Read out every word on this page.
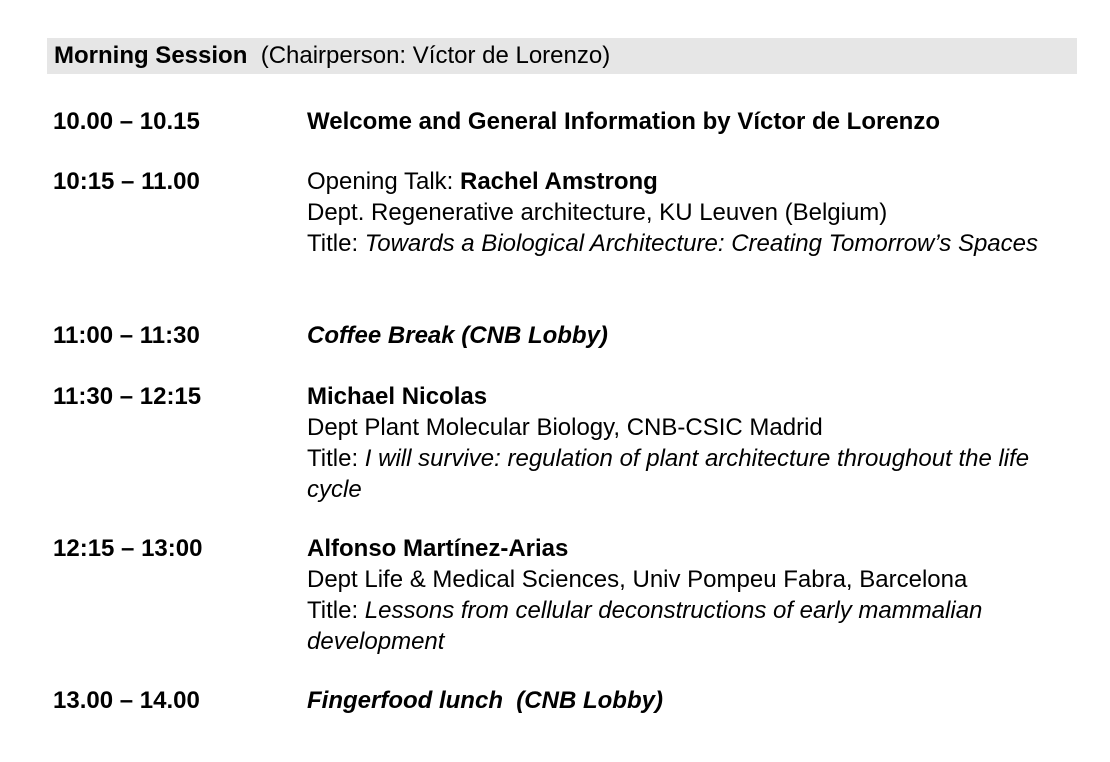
Morning Session (Chairperson: Víctor de Lorenzo)
10.00 – 10.15	Welcome and General Information by Víctor de Lorenzo
10:15 – 11.00	Opening Talk: Rachel Amstrong
Dept. Regenerative architecture, KU Leuven (Belgium)
Title: Towards a Biological Architecture: Creating Tomorrow’s Spaces
11:00 – 11:30	Coffee Break (CNB Lobby)
11:30 – 12:15	Michael Nicolas
Dept Plant Molecular Biology, CNB-CSIC Madrid
Title: I will survive: regulation of plant architecture throughout the life cycle
12:15 – 13:00	Alfonso Martínez-Arias
Dept Life & Medical Sciences, Univ Pompeu Fabra, Barcelona
Title: Lessons from cellular deconstructions of early mammalian development
13.00 – 14.00	Fingerfood lunch  (CNB Lobby)
